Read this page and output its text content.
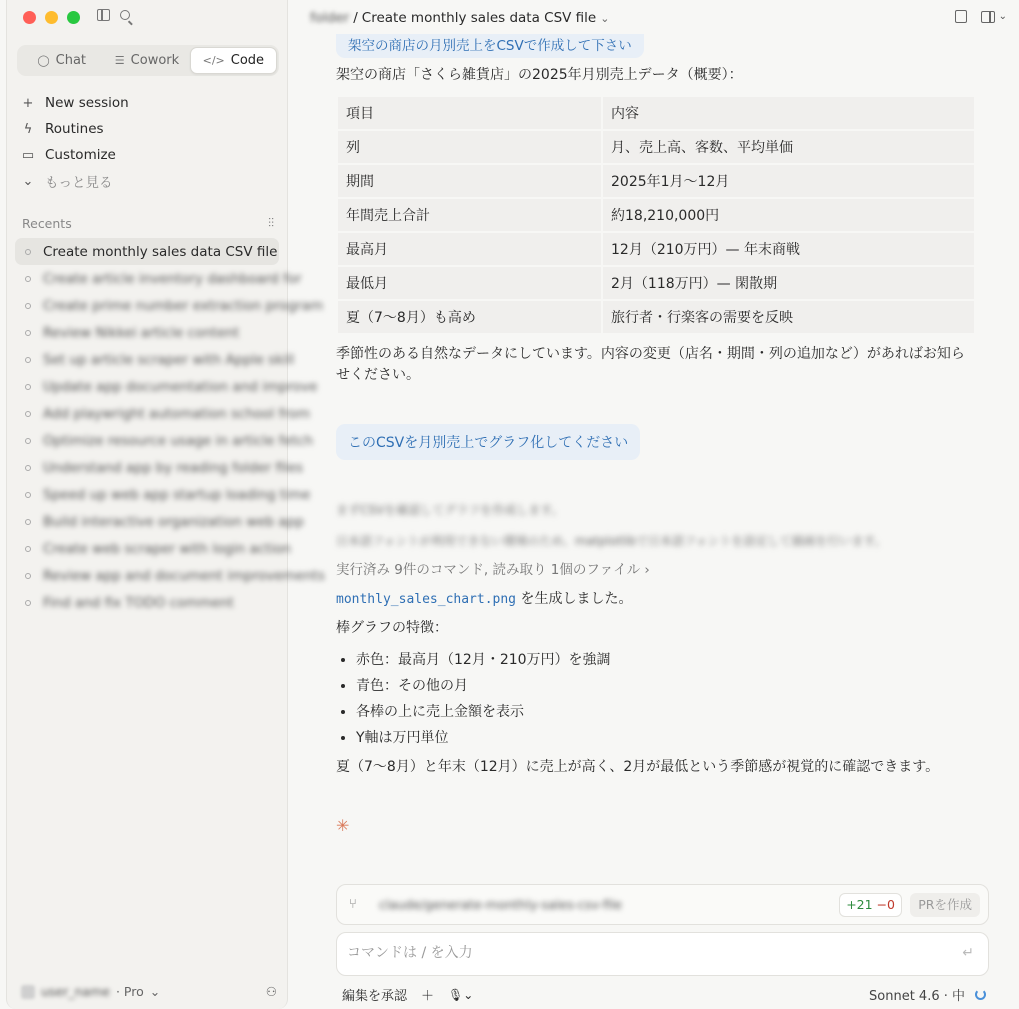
◯ Chat	☰ Cowork </> Code
+ New session
ϟ Routines
▭ Customize
⌄ もっと見る
Recents	⫶⫶
Create monthly sales data CSV file
Create article inventory dashboard for
Create prime number extraction program
Review Nikkei article content
Set up article scraper with Apple skill
Update app documentation and improve
Add playwright automation school from
Optimize resource usage in article fetch
Understand app by reading folder files
Speed up web app startup loading time
Build interactive organization web app
Create web scraper with login action
Review app and document improvements
Find and fix TODO comment
user_name · Pro ⌄	⚇
folder / Create monthly sales data CSV file ⌄	⌄
架空の商店の月別売上をCSVで作成して下さい
架空の商店「さくら雑貨店」の2025年月別売上データ（概要）：
項目	内容
列	月、売上高、客数、平均単価
期間	2025年1月〜12月
年間売上合計	約18,210,000円
最高月	12月（210万円）— 年末商戦
最低月	2月（118万円）— 閑散期
夏（7〜8月）も高め	旅行者・行楽客の需要を反映
季節性のある自然なデータにしています。内容の変更（店名・期間・列の追加など）があればお知らせください。
このCSVを月別売上でグラフ化してください
まずCSVを確認してグラフを作成します。
日本語フォントが利用できない環境のため、matplotlibで日本語フォントを設定して描画を行います。
実行済み 9件のコマンド, 読み取り 1個のファイル ›
monthly_sales_chart.png を生成しました。
棒グラフの特徴：
• 赤色：最高月（12月・210万円）を強調
• 青色：その他の月
• 各棒の上に売上金額を表示
• Y軸は万円単位
夏（7〜8月）と年末（12月）に売上が高く、2月が最低という季節感が視覚的に確認できます。
✳
⑂ claude/generate-monthly-sales-csv-file	+21 −0	PRを作成
コマンドは / を入力
↵
編集を承認 ＋ 🎙⌄	Sonnet 4.6 · 中
